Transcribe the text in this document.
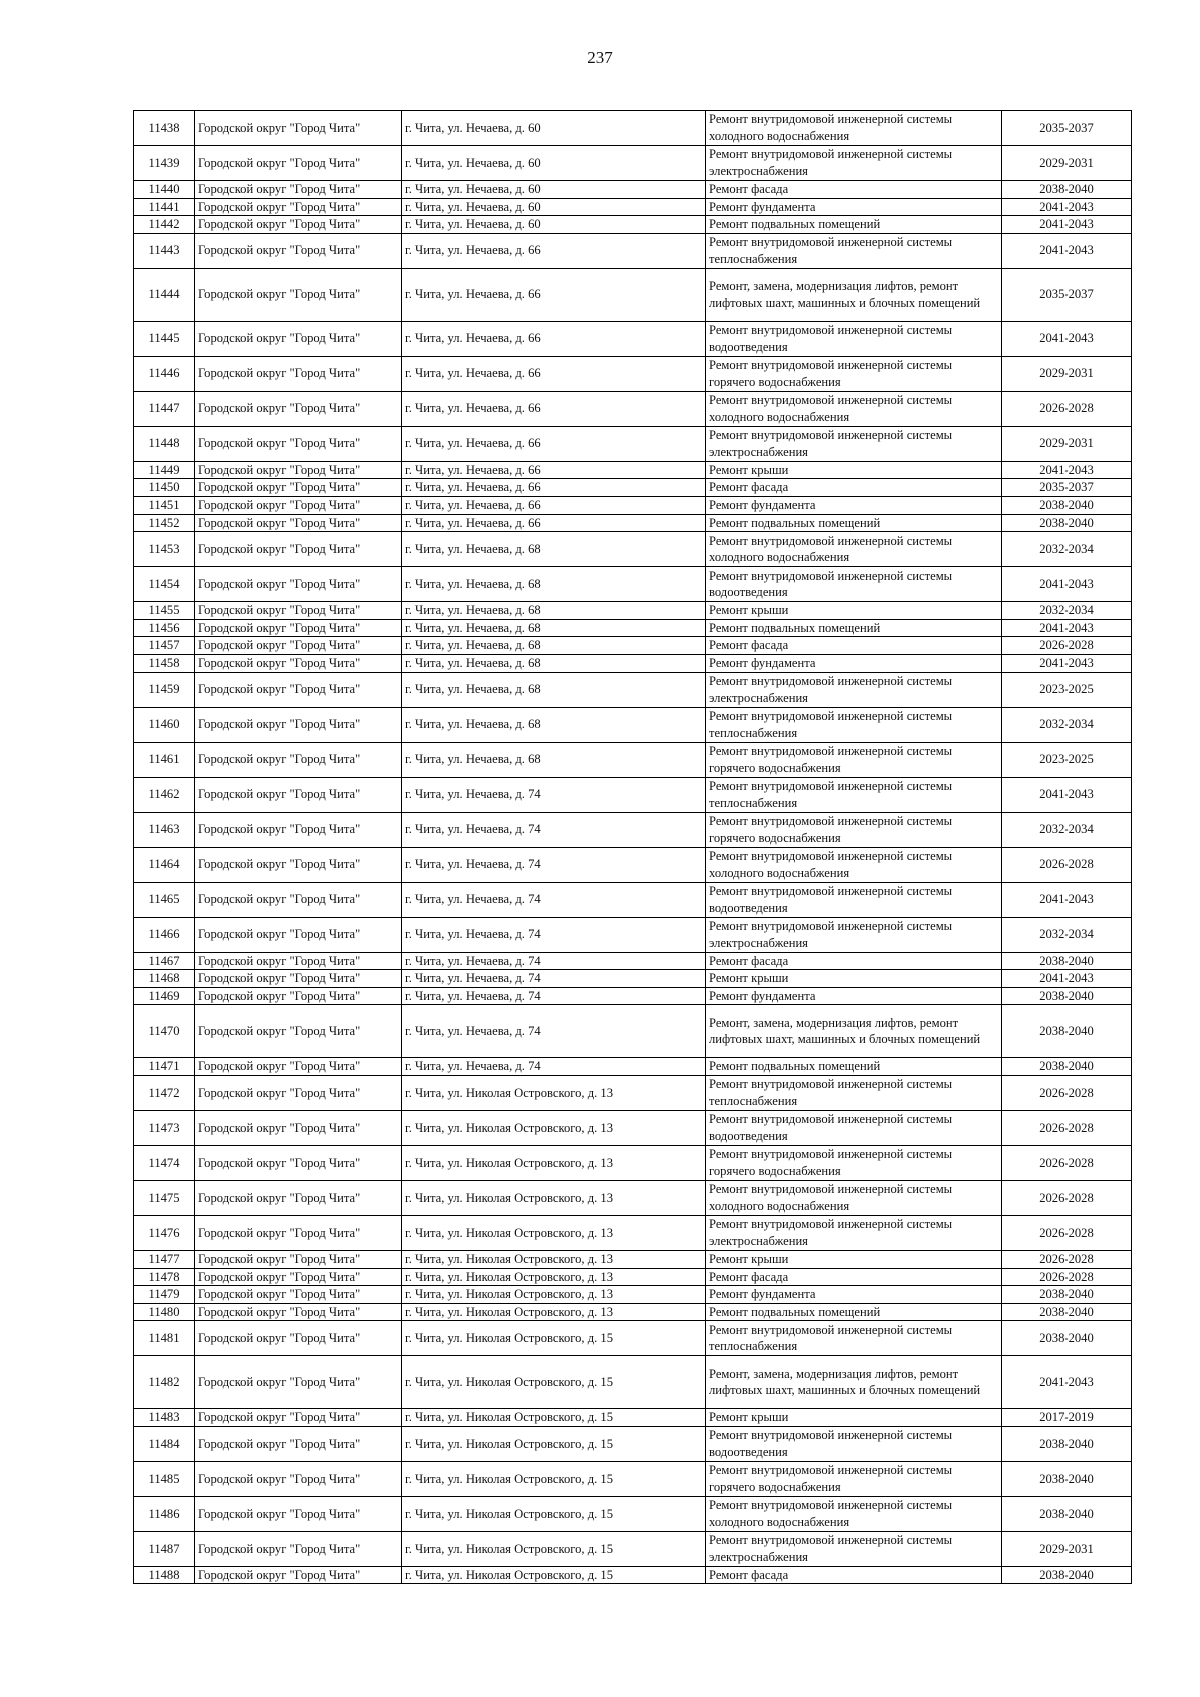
237
11438	Городской округ "Город Чита"	г. Чита, ул. Нечаева, д. 60	Ремонт внутридомовой инженерной системы холодного водоснабжения	2035-2037
11439	Городской округ "Город Чита"	г. Чита, ул. Нечаева, д. 60	Ремонт внутридомовой инженерной системы электроснабжения	2029-2031
11440	Городской округ "Город Чита"	г. Чита, ул. Нечаева, д. 60	Ремонт фасада	2038-2040
11441	Городской округ "Город Чита"	г. Чита, ул. Нечаева, д. 60	Ремонт фундамента	2041-2043
11442	Городской округ "Город Чита"	г. Чита, ул. Нечаева, д. 60	Ремонт подвальных помещений	2041-2043
11443	Городской округ "Город Чита"	г. Чита, ул. Нечаева, д. 66	Ремонт внутридомовой инженерной системы теплоснабжения	2041-2043
11444	Городской округ "Город Чита"	г. Чита, ул. Нечаева, д. 66	Ремонт, замена, модернизация лифтов, ремонт лифтовых шахт, машинных и блочных помещений	2035-2037
11445	Городской округ "Город Чита"	г. Чита, ул. Нечаева, д. 66	Ремонт внутридомовой инженерной системы водоотведения	2041-2043
11446	Городской округ "Город Чита"	г. Чита, ул. Нечаева, д. 66	Ремонт внутридомовой инженерной системы горячего водоснабжения	2029-2031
11447	Городской округ "Город Чита"	г. Чита, ул. Нечаева, д. 66	Ремонт внутридомовой инженерной системы холодного водоснабжения	2026-2028
11448	Городской округ "Город Чита"	г. Чита, ул. Нечаева, д. 66	Ремонт внутридомовой инженерной системы электроснабжения	2029-2031
11449	Городской округ "Город Чита"	г. Чита, ул. Нечаева, д. 66	Ремонт крыши	2041-2043
11450	Городской округ "Город Чита"	г. Чита, ул. Нечаева, д. 66	Ремонт фасада	2035-2037
11451	Городской округ "Город Чита"	г. Чита, ул. Нечаева, д. 66	Ремонт фундамента	2038-2040
11452	Городской округ "Город Чита"	г. Чита, ул. Нечаева, д. 66	Ремонт подвальных помещений	2038-2040
11453	Городской округ "Город Чита"	г. Чита, ул. Нечаева, д. 68	Ремонт внутридомовой инженерной системы холодного водоснабжения	2032-2034
11454	Городской округ "Город Чита"	г. Чита, ул. Нечаева, д. 68	Ремонт внутридомовой инженерной системы водоотведения	2041-2043
11455	Городской округ "Город Чита"	г. Чита, ул. Нечаева, д. 68	Ремонт крыши	2032-2034
11456	Городской округ "Город Чита"	г. Чита, ул. Нечаева, д. 68	Ремонт подвальных помещений	2041-2043
11457	Городской округ "Город Чита"	г. Чита, ул. Нечаева, д. 68	Ремонт фасада	2026-2028
11458	Городской округ "Город Чита"	г. Чита, ул. Нечаева, д. 68	Ремонт фундамента	2041-2043
11459	Городской округ "Город Чита"	г. Чита, ул. Нечаева, д. 68	Ремонт внутридомовой инженерной системы электроснабжения	2023-2025
11460	Городской округ "Город Чита"	г. Чита, ул. Нечаева, д. 68	Ремонт внутридомовой инженерной системы теплоснабжения	2032-2034
11461	Городской округ "Город Чита"	г. Чита, ул. Нечаева, д. 68	Ремонт внутридомовой инженерной системы горячего водоснабжения	2023-2025
11462	Городской округ "Город Чита"	г. Чита, ул. Нечаева, д. 74	Ремонт внутридомовой инженерной системы теплоснабжения	2041-2043
11463	Городской округ "Город Чита"	г. Чита, ул. Нечаева, д. 74	Ремонт внутридомовой инженерной системы горячего водоснабжения	2032-2034
11464	Городской округ "Город Чита"	г. Чита, ул. Нечаева, д. 74	Ремонт внутридомовой инженерной системы холодного водоснабжения	2026-2028
11465	Городской округ "Город Чита"	г. Чита, ул. Нечаева, д. 74	Ремонт внутридомовой инженерной системы водоотведения	2041-2043
11466	Городской округ "Город Чита"	г. Чита, ул. Нечаева, д. 74	Ремонт внутридомовой инженерной системы электроснабжения	2032-2034
11467	Городской округ "Город Чита"	г. Чита, ул. Нечаева, д. 74	Ремонт фасада	2038-2040
11468	Городской округ "Город Чита"	г. Чита, ул. Нечаева, д. 74	Ремонт крыши	2041-2043
11469	Городской округ "Город Чита"	г. Чита, ул. Нечаева, д. 74	Ремонт фундамента	2038-2040
11470	Городской округ "Город Чита"	г. Чита, ул. Нечаева, д. 74	Ремонт, замена, модернизация лифтов, ремонт лифтовых шахт, машинных и блочных помещений	2038-2040
11471	Городской округ "Город Чита"	г. Чита, ул. Нечаева, д. 74	Ремонт подвальных помещений	2038-2040
11472	Городской округ "Город Чита"	г. Чита, ул. Николая Островского, д. 13	Ремонт внутридомовой инженерной системы теплоснабжения	2026-2028
11473	Городской округ "Город Чита"	г. Чита, ул. Николая Островского, д. 13	Ремонт внутридомовой инженерной системы водоотведения	2026-2028
11474	Городской округ "Город Чита"	г. Чита, ул. Николая Островского, д. 13	Ремонт внутридомовой инженерной системы горячего водоснабжения	2026-2028
11475	Городской округ "Город Чита"	г. Чита, ул. Николая Островского, д. 13	Ремонт внутридомовой инженерной системы холодного водоснабжения	2026-2028
11476	Городской округ "Город Чита"	г. Чита, ул. Николая Островского, д. 13	Ремонт внутридомовой инженерной системы электроснабжения	2026-2028
11477	Городской округ "Город Чита"	г. Чита, ул. Николая Островского, д. 13	Ремонт крыши	2026-2028
11478	Городской округ "Город Чита"	г. Чита, ул. Николая Островского, д. 13	Ремонт фасада	2026-2028
11479	Городской округ "Город Чита"	г. Чита, ул. Николая Островского, д. 13	Ремонт фундамента	2038-2040
11480	Городской округ "Город Чита"	г. Чита, ул. Николая Островского, д. 13	Ремонт подвальных помещений	2038-2040
11481	Городской округ "Город Чита"	г. Чита, ул. Николая Островского, д. 15	Ремонт внутридомовой инженерной системы теплоснабжения	2038-2040
11482	Городской округ "Город Чита"	г. Чита, ул. Николая Островского, д. 15	Ремонт, замена, модернизация лифтов, ремонт лифтовых шахт, машинных и блочных помещений	2041-2043
11483	Городской округ "Город Чита"	г. Чита, ул. Николая Островского, д. 15	Ремонт крыши	2017-2019
11484	Городской округ "Город Чита"	г. Чита, ул. Николая Островского, д. 15	Ремонт внутридомовой инженерной системы водоотведения	2038-2040
11485	Городской округ "Город Чита"	г. Чита, ул. Николая Островского, д. 15	Ремонт внутридомовой инженерной системы горячего водоснабжения	2038-2040
11486	Городской округ "Город Чита"	г. Чита, ул. Николая Островского, д. 15	Ремонт внутридомовой инженерной системы холодного водоснабжения	2038-2040
11487	Городской округ "Город Чита"	г. Чита, ул. Николая Островского, д. 15	Ремонт внутридомовой инженерной системы электроснабжения	2029-2031
11488	Городской округ "Город Чита"	г. Чита, ул. Николая Островского, д. 15	Ремонт фасада	2038-2040
